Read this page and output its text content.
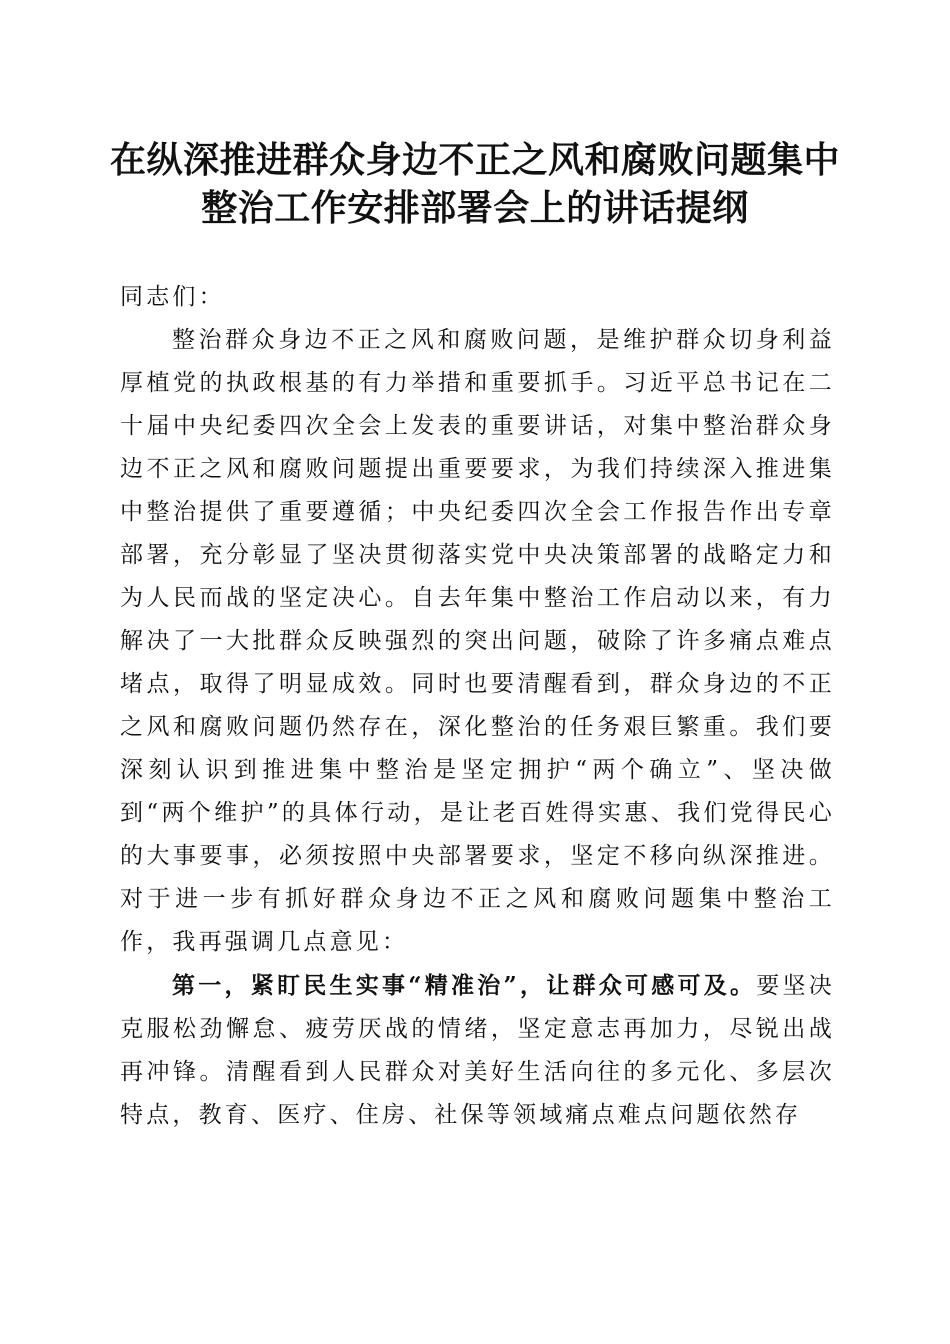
在纵深推进群众身边不正之风和腐败问题集中
整治工作安排部署会上的讲话提纲

同志们：

整治群众身边不正之风和腐败问题，是维护群众切身利益厚植党的执政根基的有力举措和重要抓手。习近平总书记在二十届中央纪委四次全会上发表的重要讲话，对集中整治群众身边不正之风和腐败问题提出重要要求，为我们持续深入推进集中整治提供了重要遵循；中央纪委四次全会工作报告作出专章部署，充分彰显了坚决贯彻落实党中央决策部署的战略定力和为人民而战的坚定决心。自去年集中整治工作启动以来，有力解决了一大批群众反映强烈的突出问题，破除了许多痛点难点堵点，取得了明显成效。同时也要清醒看到，群众身边的不正之风和腐败问题仍然存在，深化整治的任务艰巨繁重。我们要深刻认识到推进集中整治是坚定拥护“两个确立”、坚决做到“两个维护”的具体行动，是让老百姓得实惠、我们党得民心的大事要事，必须按照中央部署要求，坚定不移向纵深推进。对于进一步有抓好群众身边不正之风和腐败问题集中整治工作，我再强调几点意见：

第一，紧盯民生实事“精准治”，让群众可感可及。要坚决克服松劲懈怠、疲劳厌战的情绪，坚定意志再加力，尽锐出战再冲锋。清醒看到人民群众对美好生活向往的多元化、多层次特点，教育、医疗、住房、社保等领域痛点难点问题依然存
